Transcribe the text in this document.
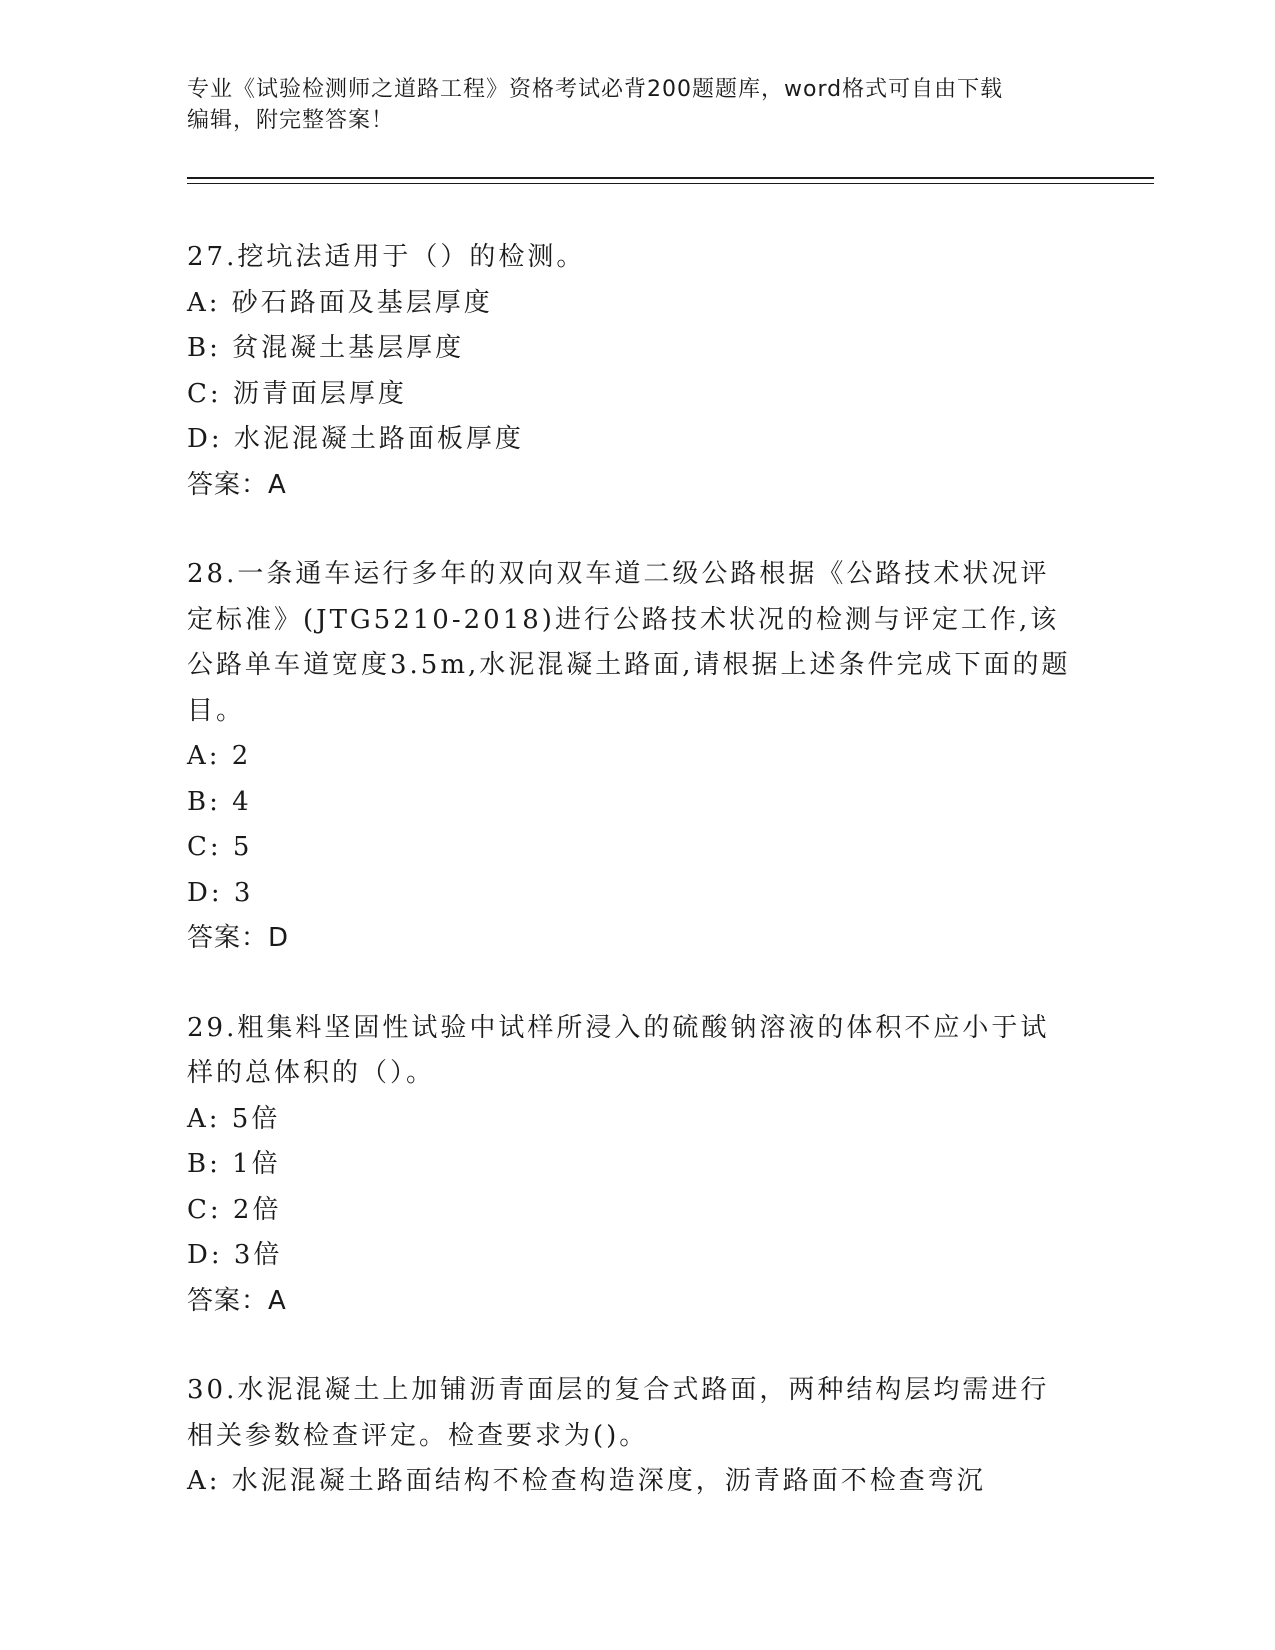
专业《试验检测师之道路工程》资格考试必背200题题库，word格式可自由下载
编辑，附完整答案！

27.挖坑法适用于（）的检测。

A: 砂石路面及基层厚度

B: 贫混凝土基层厚度

C: 沥青面层厚度

D: 水泥混凝土路面板厚度

答案：A

28.一条通车运行多年的双向双车道二级公路根据《公路技术状况评定标准》(JTG5210-2018)进行公路技术状况的检测与评定工作,该公路单车道宽度3.5m,水泥混凝土路面,请根据上述条件完成下面的题目。

A: 2

B: 4

C: 5

D: 3

答案：D

29.粗集料坚固性试验中试样所浸入的硫酸钠溶液的体积不应小于试样的总体积的（）。

A: 5倍

B: 1倍

C: 2倍

D: 3倍

答案：A

30.水泥混凝土上加铺沥青面层的复合式路面，两种结构层均需进行相关参数检查评定。检查要求为()。

A: 水泥混凝土路面结构不检查构造深度，沥青路面不检查弯沉
